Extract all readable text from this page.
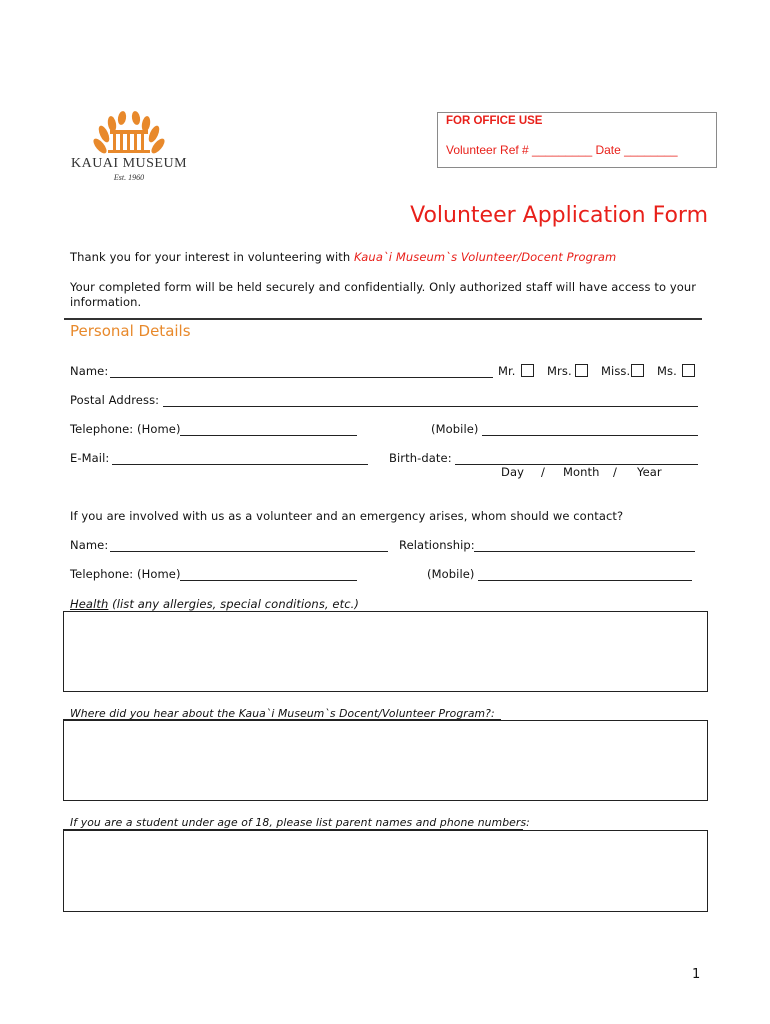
KAUAI MUSEUM
Est. 1960
FOR OFFICE USE
Volunteer Ref # _________ Date ________
Volunteer Application Form
Thank you for your interest in volunteering with Kaua`i Museum`s Volunteer/Docent Program
Your completed form will be held securely and confidentially. Only authorized staff will have access to your
information.
Personal Details
Name:	Mr.	Mrs.	Miss. Ms.
Postal Address:
Telephone: (Home)	(Mobile)
E-Mail:	Birth-date:
Day / Month / Year
If you are involved with us as a volunteer and an emergency arises, whom should we contact?
Name:	Relationship:
Telephone: (Home)	(Mobile)
Health (list any allergies, special conditions, etc.)
Where did you hear about the Kaua`i Museum`s Docent/Volunteer Program?:
If you are a student under age of 18, please list parent names and phone numbers:
1
